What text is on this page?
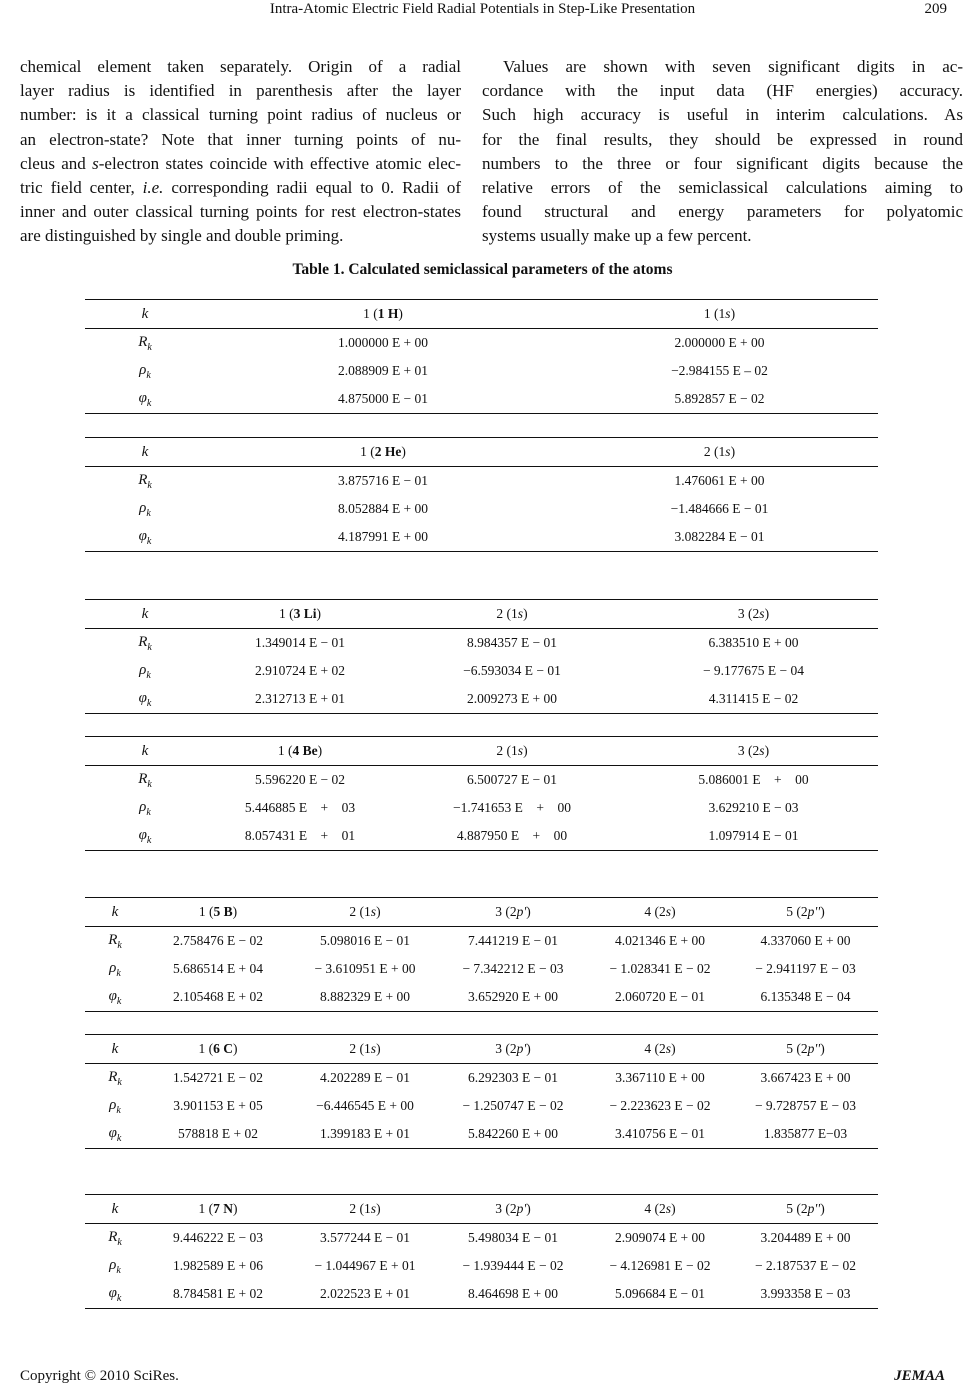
Intra-Atomic Electric Field Radial Potentials in Step-Like Presentation	209
chemical element taken separately. Origin of a radial
layer radius is identified in parenthesis after the layer
number: is it a classical turning point radius of nucleus or
an electron-state? Note that inner turning points of nu-
cleus and s-electron states coincide with effective atomic elec-
tric field center, i.e. corresponding radii equal to 0. Radii of
inner and outer classical turning points for rest electron-states
are distinguished by single and double priming.
Values are shown with seven significant digits in ac-
cordance with the input data (HF energies) accuracy.
Such high accuracy is useful in interim calculations. As
for the final results, they should be expressed in round
numbers to the three or four significant digits because the
relative errors of the semiclassical calculations aiming to
found structural and energy parameters for polyatomic
systems usually make up a few percent.
Table 1. Calculated semiclassical parameters of the atoms
k	1 (1 H)	1 (1s)
$R_k$	1.000000 E + 00	2.000000 E + 00
$\rho_k$	2.088909 E + 01	−2.984155 E – 02
$\varphi_k$	4.875000 E − 01	5.892857 E − 02
k	1 (2 He)	2 (1s)
$R_k$	3.875716 E − 01	1.476061 E + 00
$\rho_k$	8.052884 E + 00	−1.484666 E − 01
$\varphi_k$	4.187991 E + 00	3.082284 E − 01
k	1 (3 Li)	2 (1s)	3 (2s)
$R_k$	1.349014 E − 01	8.984357 E − 01	6.383510 E + 00
$\rho_k$	2.910724 E + 02	−6.593034 E − 01	− 9.177675 E − 04
$\varphi_k$	2.312713 E + 01	2.009273 E + 00	4.311415 E − 02
k	1 (4 Be)	2 (1s)	3 (2s)
$R_k$	5.596220 E − 02	6.500727 E − 01	5.086001 E    +    00
$\rho_k$	5.446885 E    +    03	−1.741653 E    +    00	3.629210 E − 03
$\varphi_k$	8.057431 E    +    01	4.887950 E    +    00	1.097914 E − 01
k	1 (5 B)	2 (1s)	3 (2p')	4 (2s)	5 (2p'')
$R_k$	2.758476 E − 02	5.098016 E − 01	7.441219 E − 01	4.021346 E + 00	4.337060 E + 00
$\rho_k$	5.686514 E + 04	− 3.610951 E + 00	− 7.342212 E − 03	− 1.028341 E − 02	− 2.941197 E − 03
$\varphi_k$	2.105468 E + 02	8.882329 E + 00	3.652920 E + 00	2.060720 E − 01	6.135348 E − 04
k	1 (6 C)	2 (1s)	3 (2p')	4 (2s)	5 (2p'')
$R_k$	1.542721 E − 02	4.202289 E − 01	6.292303 E − 01	3.367110 E + 00	3.667423 E + 00
$\rho_k$	3.901153 E + 05	−6.446545 E + 00	− 1.250747 E − 02	− 2.223623 E − 02	− 9.728757 E − 03
$\varphi_k$	578818 E + 02	1.399183 E + 01	5.842260 E + 00	3.410756 E − 01	1.835877 E−03
k	1 (7 N)	2 (1s)	3 (2p')	4 (2s)	5 (2p'')
$R_k$	9.446222 E − 03	3.577244 E − 01	5.498034 E − 01	2.909074 E + 00	3.204489 E + 00
$\rho_k$	1.982589 E + 06	− 1.044967 E + 01	− 1.939444 E − 02	− 4.126981 E − 02	− 2.187537 E − 02
$\varphi_k$	8.784581 E + 02	2.022523 E + 01	8.464698 E + 00	5.096684 E − 01	3.993358 E − 03
Copyright © 2010 SciRes.	JEMAA
